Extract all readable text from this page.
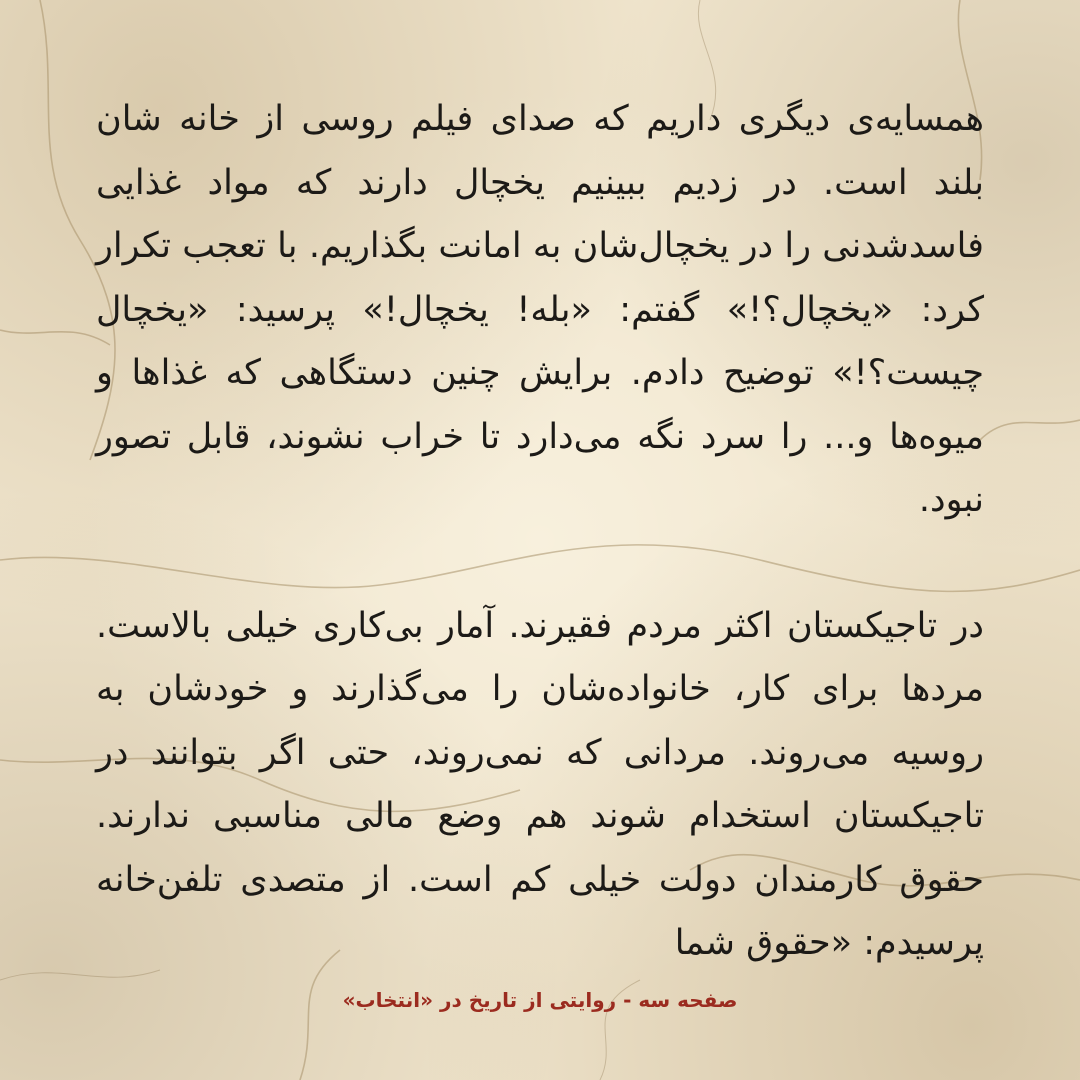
همسایه‌ی دیگری داریم که صدای فیلم روسی از خانه شان بلند است. در زدیم ببینیم یخچال دارند که مواد غذایی فاسدشدنی را در یخچال‌شان به امانت بگذاریم. با تعجب تکرار کرد: «یخچال؟!» گفتم: «بله! یخچال!» پرسید: «یخچال چیست؟!» توضیح دادم. برایش چنین دستگاهی که غذاها و میوه‌ها و... را سرد نگه می‌دارد تا خراب نشوند، قابل تصور نبود.

در تاجیکستان اکثر مردم فقیرند. آمار بی‌کاری خیلی بالاست. مردها برای کار، خانواده‌شان را می‌گذارند و خودشان به روسیه می‌روند. مردانی که نمی‌روند، حتی اگر بتوانند در تاجیکستان استخدام شوند هم وضع مالی مناسبی ندارند. حقوق کارمندان دولت خیلی کم است. از متصدی تلفن‌خانه پرسیدم: «حقوق شما

صفحه سه - روایتی از تاریخ در «انتخاب»
